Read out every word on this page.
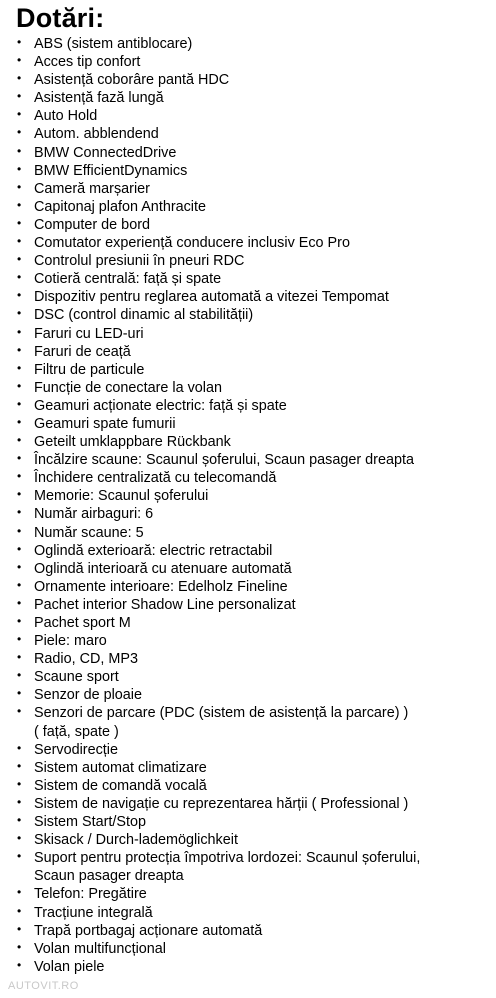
Dotări:
• ABS (sistem antiblocare)
• Acces tip confort
• Asistență coborâre pantă HDC
• Asistență fază lungă
• Auto Hold
• Autom. abblendend
• BMW ConnectedDrive
• BMW EfficientDynamics
• Cameră marșarier
• Capitonaj plafon Anthracite
• Computer de bord
• Comutator experiență conducere inclusiv Eco Pro
• Controlul presiunii în pneuri RDC
• Cotieră centrală: față și spate
• Dispozitiv pentru reglarea automată a vitezei Tempomat
• DSC (control dinamic al stabilității)
• Faruri cu LED-uri
• Faruri de ceață
• Filtru de particule
• Funcție de conectare la volan
• Geamuri acționate electric: față și spate
• Geamuri spate fumurii
• Geteilt umklappbare Rückbank
• Încălzire scaune: Scaunul șoferului, Scaun pasager dreapta
• Închidere centralizată cu telecomandă
• Memorie: Scaunul șoferului
• Număr airbaguri: 6
• Număr scaune: 5
• Oglindă exterioară: electric retractabil
• Oglindă interioară cu atenuare automată
• Ornamente interioare: Edelholz Fineline
• Pachet interior Shadow Line personalizat
• Pachet sport M
• Piele: maro
• Radio, CD, MP3
• Scaune sport
• Senzor de ploaie
• Senzori de parcare (PDC (sistem de asistență la parcare) )
( față, spate )
• Servodirecție
• Sistem automat climatizare
• Sistem de comandă vocală
• Sistem de navigație cu reprezentarea hărții ( Professional )
• Sistem Start/Stop
• Skisack / Durch-lademöglichkeit
• Suport pentru protecția împotriva lordozei: Scaunul șoferului,
Scaun pasager dreapta
• Telefon: Pregătire
• Tracțiune integrală
• Trapă portbagaj acționare automată
• Volan multifuncțional
• Volan piele
AUTOVIT.RO
